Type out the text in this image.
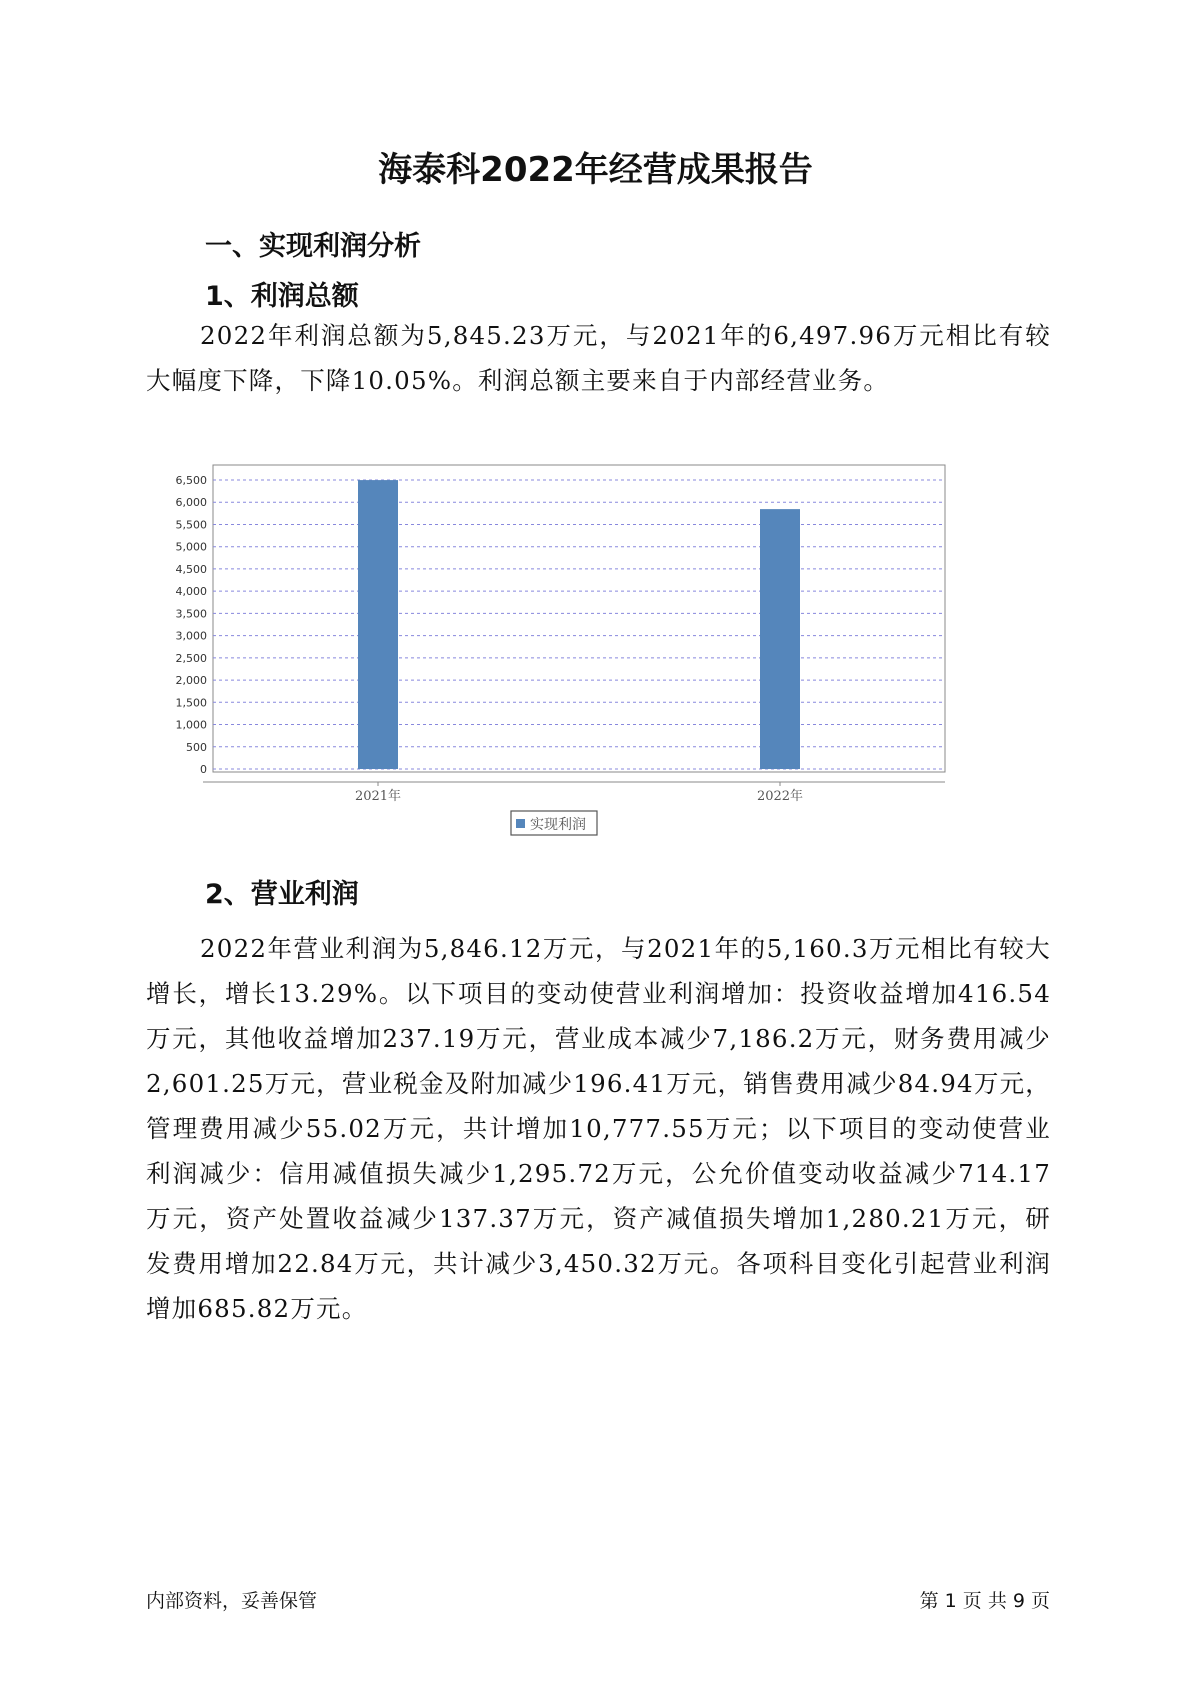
海泰科2022年经营成果报告
一、实现利润分析
1、利润总额
2022年利润总额为5,845.23万元，与2021年的6,497.96万元相比有较大幅度下降，下降10.05%。利润总额主要来自于内部经营业务。
0
500
1,000
1,500
2,000
2,500
3,000
3,500
4,000
4,500
5,000
5,500
6,000
6,500
2021年	2022年
实现利润
2、营业利润
2022年营业利润为5,846.12万元，与2021年的5,160.3万元相比有较大增长，增长13.29%。以下项目的变动使营业利润增加：投资收益增加416.54万元，其他收益增加237.19万元，营业成本减少7,186.2万元，财务费用减少2,601.25万元，营业税金及附加减少196.41万元，销售费用减少84.94万元，管理费用减少55.02万元，共计增加10,777.55万元；以下项目的变动使营业利润减少：信用减值损失减少1,295.72万元，公允价值变动收益减少714.17万元，资产处置收益减少137.37万元，资产减值损失增加1,280.21万元，研发费用增加22.84万元，共计减少3,450.32万元。各项科目变化引起营业利润增加685.82万元。
内部资料，妥善保管	第 1 页 共 9 页
